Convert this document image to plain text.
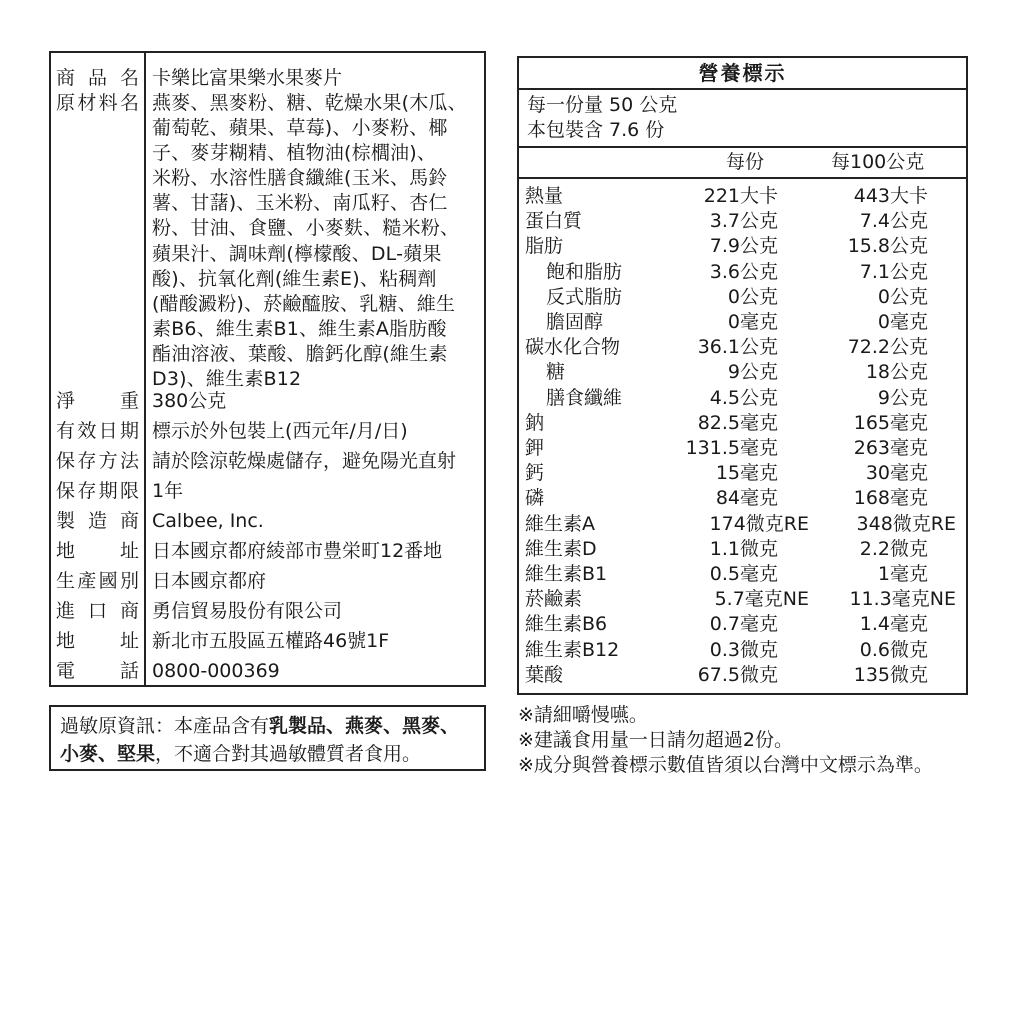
商品名 卡樂比富果樂水果麥片
原材料名 燕麥、黑麥粉、糖、乾燥水果(木瓜、
葡萄乾、蘋果、草莓)、小麥粉、椰
子、麥芽糊精、植物油(棕櫚油)、
米粉、水溶性膳食纖維(玉米、馬鈴
薯、甘藷)、玉米粉、南瓜籽、杏仁
粉、甘油、食鹽、小麥麩、糙米粉、
蘋果汁、調味劑(檸檬酸、DL-蘋果
酸)、抗氧化劑(維生素E)、粘稠劑
(醋酸澱粉)、菸鹼醯胺、乳糖、維生
素B6、維生素B1、維生素A脂肪酸
酯油溶液、葉酸、膽鈣化醇(維生素
D3)、維生素B12
淨重 380公克
有效日期 標示於外包裝上(西元年/月/日)
保存方法 請於陰涼乾燥處儲存，避免陽光直射
保存期限 1年
製造商 Calbee, Inc.
地址 日本國京都府綾部市豊栄町12番地
生產國別 日本國京都府
進口商 勇信貿易股份有限公司
地址 新北市五股區五權路46號1F
電話 0800-000369
過敏原資訊：本產品含有乳製品、燕麥、黑麥、
小麥、堅果，不適合對其過敏體質者食用。
營養標示
每一份量 50 公克
本包裝含 7.6 份
每份	每100公克
熱量	221大卡	443大卡
蛋白質	3.7公克	7.4公克
脂肪	7.9公克	15.8公克
飽和脂肪	3.6公克	7.1公克
反式脂肪	0公克	0公克
膽固醇	0毫克	0毫克
碳水化合物	36.1公克	72.2公克
糖	9公克	18公克
膳食纖維	4.5公克	9公克
鈉	82.5毫克	165毫克
鉀	131.5毫克	263毫克
鈣	15毫克	30毫克
磷	84毫克	168毫克
維生素A	174微克RE	348微克RE
維生素D	1.1微克	2.2微克
維生素B1	0.5毫克	1毫克
菸鹼素	5.7毫克NE 11.3毫克NE
維生素B6	0.7毫克	1.4毫克
維生素B12	0.3微克	0.6微克
葉酸	67.5微克	135微克
※請細嚼慢嚥。
※建議食用量一日請勿超過2份。
※成分與營養標示數值皆須以台灣中文標示為準。
